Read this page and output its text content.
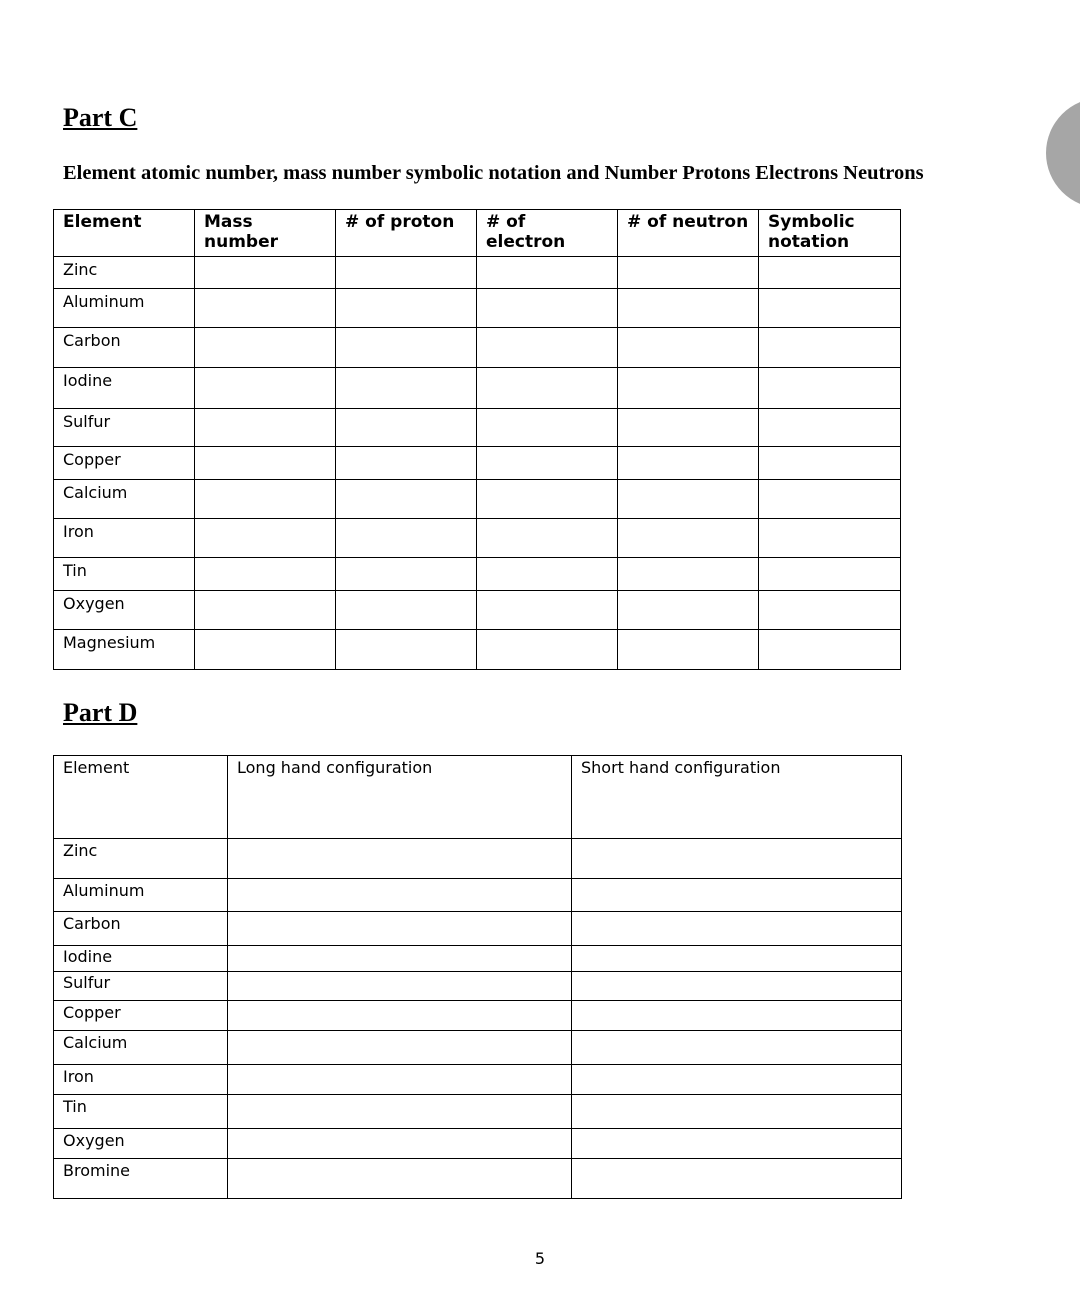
Part C

Element atomic number, mass number symbolic notation and Number Protons Electrons Neutrons

Element	Mass number	# of proton	# of electron	# of neutron	Symbolic notation
Zinc					
Aluminum					
Carbon					
Iodine					
Sulfur					
Copper					
Calcium					
Iron					
Tin					
Oxygen					
Magnesium					
Part D
Element	Long hand configuration	Short hand configuration
Zinc		
Aluminum		
Carbon		
Iodine		
Sulfur		
Copper		
Calcium		
Iron		
Tin		
Oxygen		
Bromine		
5
